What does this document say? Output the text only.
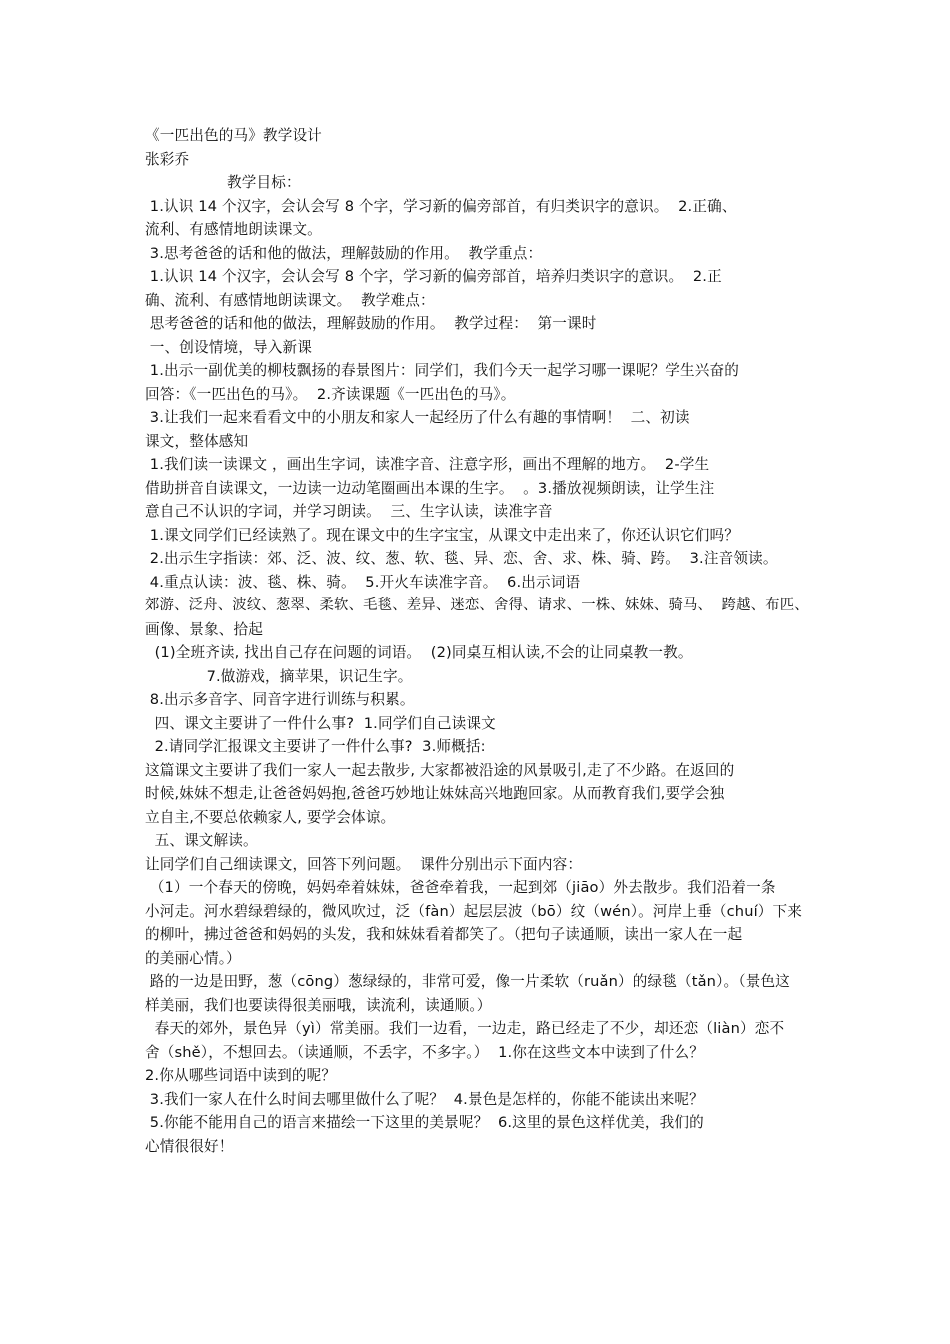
《一匹出色的马》教学设计

张彩乔

教学目标：

1.认识 14 个汉字，会认会写 8 个字，学习新的偏旁部首，有归类识字的意识。  2.正确、

流利、有感情地朗读课文。

3.思考爸爸的话和他的做法，理解鼓励的作用。  教学重点：

1.认识 14 个汉字，会认会写 8 个字，学习新的偏旁部首，培养归类识字的意识。  2.正

确、流利、有感情地朗读课文。  教学难点：

思考爸爸的话和他的做法，理解鼓励的作用。  教学过程：  第一课时

一、创设情境，导入新课

1.出示一副优美的柳枝飘扬的春景图片：同学们，我们今天一起学习哪一课呢？学生兴奋的

回答：《一匹出色的马》。  2.齐读课题《一匹出色的马》。

3.让我们一起来看看文中的小朋友和家人一起经历了什么有趣的事情啊！  二、初读

课文，整体感知

1.我们读一读课文 ，画出生字词，读准字音、注意字形，画出不理解的地方。  2-学生

借助拼音自读课文，一边读一边动笔圈画出本课的生字。  。3.播放视频朗读，让学生注

意自己不认识的字词，并学习朗读。  三、生字认读，读准字音

1.课文同学们已经读熟了。现在课文中的生字宝宝，从课文中走出来了，你还认识它们吗？

2.出示生字指读：郊、泛、波、纹、葱、软、毯、异、恋、舍、求、株、骑、跨。  3.注音领读。

4.重点认读：波、毯、株、骑。  5.开火车读准字音。  6.出示词语

郊游、泛舟、波纹、葱翠、柔软、毛毯、差异、迷恋、舍得、请求、一株、妹妹、骑马、  跨越、布匹、

画像、景象、拾起

(1)全班齐读, 找出自己存在问题的词语。  (2)同桌互相认读,不会的让同桌教一教。

7.做游戏，摘苹果，识记生字。

8.出示多音字、同音字进行训练与积累。

四、课文主要讲了一件什么事?  1.同学们自己读课文

2.请同学汇报课文主要讲了一件什么事?  3.师概括:

这篇课文主要讲了我们一家人一起去散步, 大家都被沿途的风景吸引,走了不少路。在返回的

时候,妹妹不想走,让爸爸妈妈抱,爸爸巧妙地让妹妹高兴地跑回家。从而教育我们,要学会独

立自主,不要总依赖家人, 要学会体谅。

五、课文解读。

让同学们自己细读课文，回答下列问题。  课件分别出示下面内容：

（1）一个春天的傍晚，妈妈牵着妹妹，爸爸牵着我，一起到郊（jiāo）外去散步。我们沿着一条

小河走。河水碧绿碧绿的，微风吹过，泛（fàn）起层层波（bō）纹（wén）。河岸上垂（chuí）下来

的柳叶，拂过爸爸和妈妈的头发，我和妹妹看着都笑了。（把句子读通顺，读出一家人在一起

的美丽心情。）

路的一边是田野，葱（cōng）葱绿绿的，非常可爱，像一片柔软（ruǎn）的绿毯（tǎn）。（景色这

样美丽，我们也要读得很美丽哦，读流利，读通顺。）

春天的郊外，景色异（yì）常美丽。我们一边看，一边走，路已经走了不少，却还恋（liàn）恋不

舍（shě），不想回去。（读通顺，不丢字，不多字。）  1.你在这些文本中读到了什么？

2.你从哪些词语中读到的呢？

3.我们一家人在什么时间去哪里做什么了呢？  4.景色是怎样的，你能不能读出来呢？

5.你能不能用自己的语言来描绘一下这里的美景呢？  6.这里的景色这样优美，我们的

心情很很好！
